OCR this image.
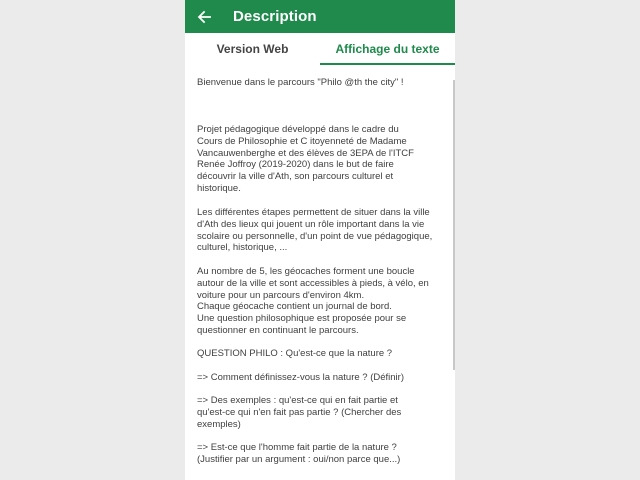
Description
Version Web	Affichage du texte

Bienvenue dans le parcours "Philo @th the city" !

Projet pédagogique développé dans le cadre du
Cours de Philosophie et C itoyenneté de Madame
Vancauwenberghe et des élèves de 3EPA de l'ITCF
Renée Joffroy (2019-2020) dans le but de faire
découvrir la ville d'Ath, son parcours culturel et
historique.

Les différentes étapes permettent de situer dans la ville
d'Ath des lieux qui jouent un rôle important dans la vie
scolaire ou personnelle, d'un point de vue pédagogique,
culturel, historique, ...

Au nombre de 5, les géocaches forment une boucle
autour de la ville et sont accessibles à pieds, à vélo, en
voiture pour un parcours d'environ 4km.
Chaque géocache contient un journal de bord.
Une question philosophique est proposée pour se
questionner en continuant le parcours.

QUESTION PHILO : Qu'est-ce que la nature ?

=> Comment définissez-vous la nature ? (Définir)

=> Des exemples : qu'est-ce qui en fait partie et
qu'est-ce qui n'en fait pas partie ? (Chercher des
exemples)

=> Est-ce que l'homme fait partie de la nature ?
(Justifier par un argument : oui/non parce que...)
